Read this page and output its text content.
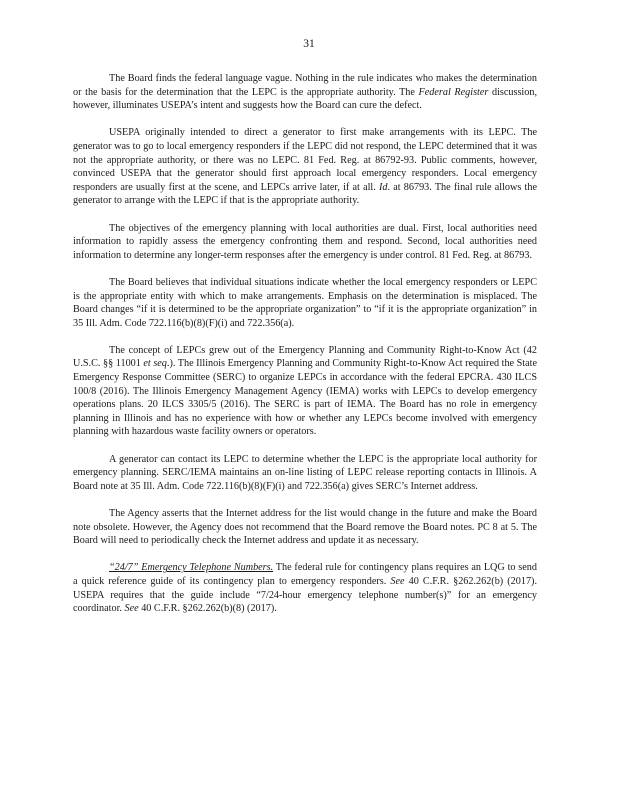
31

The Board finds the federal language vague. Nothing in the rule indicates who makes the determination or the basis for the determination that the LEPC is the appropriate authority. The Federal Register discussion, however, illuminates USEPA’s intent and suggests how the Board can cure the defect.

USEPA originally intended to direct a generator to first make arrangements with its LEPC. The generator was to go to local emergency responders if the LEPC did not respond, the LEPC determined that it was not the appropriate authority, or there was no LEPC. 81 Fed. Reg. at 86792-93. Public comments, however, convinced USEPA that the generator should first approach local emergency responders. Local emergency responders are usually first at the scene, and LEPCs arrive later, if at all. Id. at 86793. The final rule allows the generator to arrange with the LEPC if that is the appropriate authority.

The objectives of the emergency planning with local authorities are dual. First, local authorities need information to rapidly assess the emergency confronting them and respond. Second, local authorities need information to determine any longer-term responses after the emergency is under control. 81 Fed. Reg. at 86793.

The Board believes that individual situations indicate whether the local emergency responders or LEPC is the appropriate entity with which to make arrangements. Emphasis on the determination is misplaced. The Board changes “if it is determined to be the appropriate organization” to “if it is the appropriate organization” in 35 Ill. Adm. Code 722.116(b)(8)(F)(i) and 722.356(a).

The concept of LEPCs grew out of the Emergency Planning and Community Right-to-Know Act (42 U.S.C. §§ 11001 et seq.). The Illinois Emergency Planning and Community Right-to-Know Act required the State Emergency Response Committee (SERC) to organize LEPCs in accordance with the federal EPCRA. 430 ILCS 100/8 (2016). The Illinois Emergency Management Agency (IEMA) works with LEPCs to develop emergency operations plans. 20 ILCS 3305/5 (2016). The SERC is part of IEMA. The Board has no role in emergency planning in Illinois and has no experience with how or whether any LEPCs become involved with emergency planning with hazardous waste facility owners or operators.

A generator can contact its LEPC to determine whether the LEPC is the appropriate local authority for emergency planning. SERC/IEMA maintains an on-line listing of LEPC release reporting contacts in Illinois. A Board note at 35 Ill. Adm. Code 722.116(b)(8)(F)(i) and 722.356(a) gives SERC’s Internet address.

The Agency asserts that the Internet address for the list would change in the future and make the Board note obsolete. However, the Agency does not recommend that the Board remove the Board notes. PC 8 at 5. The Board will need to periodically check the Internet address and update it as necessary.

“24/7” Emergency Telephone Numbers. The federal rule for contingency plans requires an LQG to send a quick reference guide of its contingency plan to emergency responders. See 40 C.F.R. §262.262(b) (2017). USEPA requires that the guide include “7/24-hour emergency telephone number(s)” for an emergency coordinator. See 40 C.F.R. §262.262(b)(8) (2017).
